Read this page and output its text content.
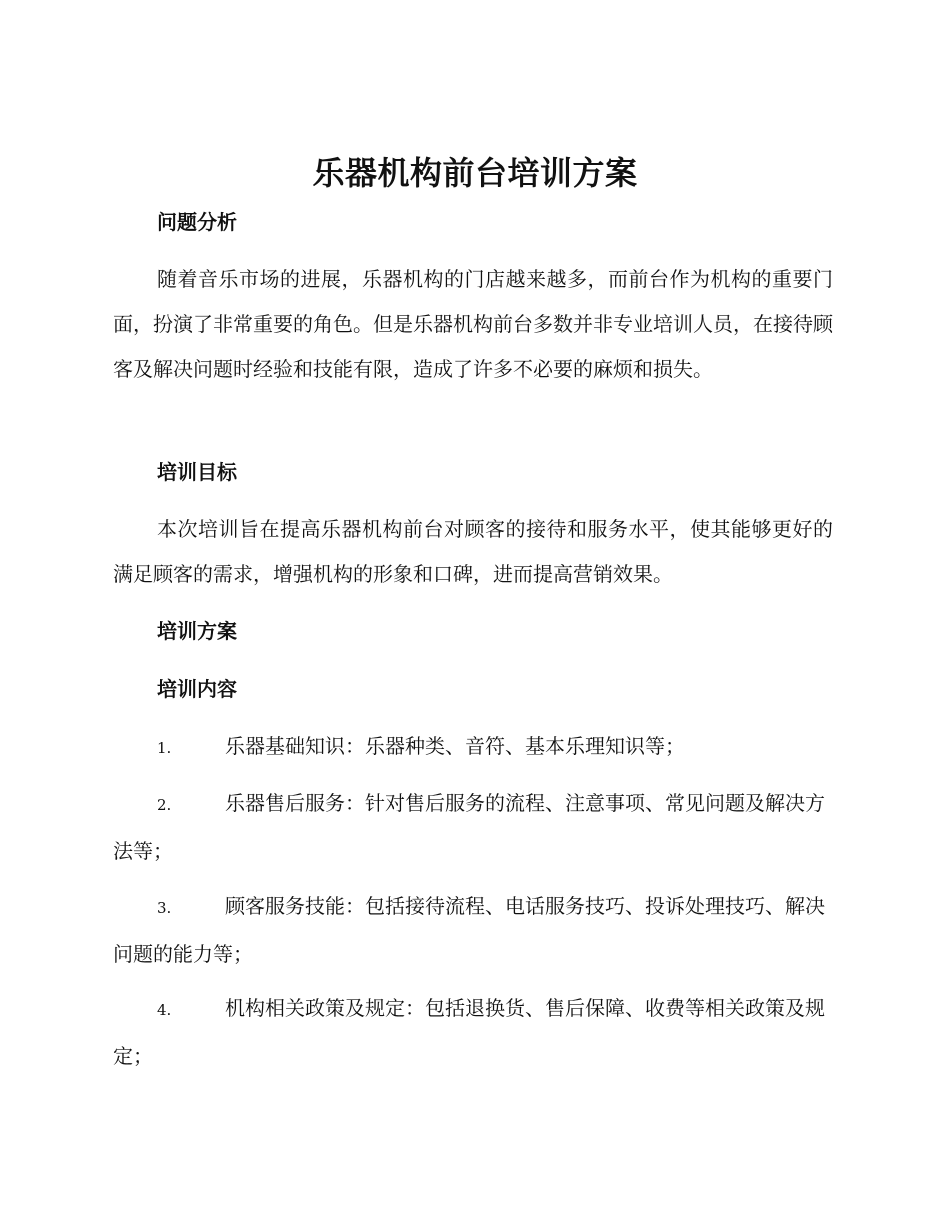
乐器机构前台培训方案
问题分析

随着音乐市场的进展，乐器机构的门店越来越多，而前台作为机构的重要门面，扮演了非常重要的角色。但是乐器机构前台多数并非专业培训人员，在接待顾客及解决问题时经验和技能有限，造成了许多不必要的麻烦和损失。

培训目标

本次培训旨在提高乐器机构前台对顾客的接待和服务水平，使其能够更好的满足顾客的需求，增强机构的形象和口碑，进而提高营销效果。

培训方案
培训内容

1.	乐器基础知识：乐器种类、音符、基本乐理知识等；

2.	乐器售后服务：针对售后服务的流程、注意事项、常见问题及解决方法等；

3.	顾客服务技能：包括接待流程、电话服务技巧、投诉处理技巧、解决问题的能力等；

4.	机构相关政策及规定：包括退换货、售后保障、收费等相关政策及规定；
